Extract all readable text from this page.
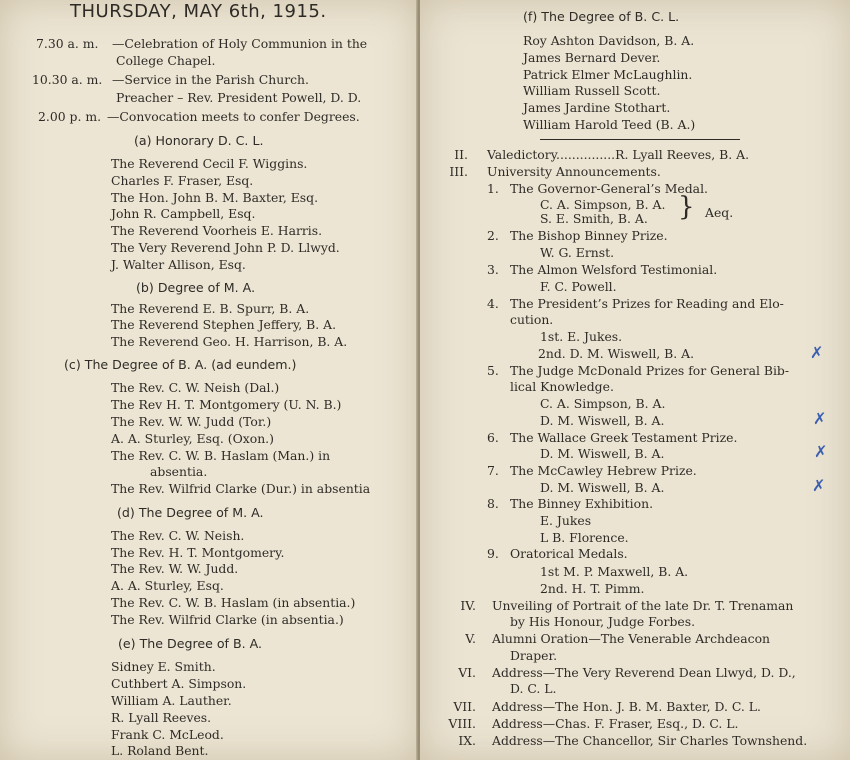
THURSDAY, MAY 6th, 1915.
7.30 a. m. —Celebration of Holy Communion in the
College Chapel.
10.30 a. m. —Service in the Parish Church.
Preacher – Rev. President Powell, D. D.
2.00 p. m. —Convocation meets to confer Degrees.
(a) Honorary D. C. L.
The Reverend Cecil F. Wiggins.
Charles F. Fraser, Esq.
The Hon. John B. M. Baxter, Esq.
John R. Campbell, Esq.
The Reverend Voorheis E. Harris.
The Very Reverend John P. D. Llwyd.
J. Walter Allison, Esq.
(b) Degree of M. A.
The Reverend E. B. Spurr, B. A.
The Reverend Stephen Jeffery, B. A.
The Reverend Geo. H. Harrison, B. A.
(c) The Degree of B. A. (ad eundem.)
The Rev. C. W. Neish (Dal.)
The Rev H. T. Montgomery (U. N. B.)
The Rev. W. W. Judd (Tor.)
A. A. Sturley, Esq. (Oxon.)
The Rev. C. W. B. Haslam (Man.) in
absentia.
The Rev. Wilfrid Clarke (Dur.) in absentia
(d) The Degree of M. A.
The Rev. C. W. Neish.
The Rev. H. T. Montgomery.
The Rev. W. W. Judd.
A. A. Sturley, Esq.
The Rev. C. W. B. Haslam (in absentia.)
The Rev. Wilfrid Clarke (in absentia.)
(e) The Degree of B. A.
Sidney E. Smith.
Cuthbert A. Simpson.
William A. Lauther.
R. Lyall Reeves.
Frank C. McLeod.
L. Roland Bent.
(f) The Degree of B. C. L.
Roy Ashton Davidson, B. A.
James Bernard Dever.
Patrick Elmer McLaughlin.
William Russell Scott.
James Jardine Stothart.
William Harold Teed (B. A.)
II. Valedictory...............R. Lyall Reeves, B. A.
III. University Announcements.
1. The Governor-General’s Medal.
C. A. Simpson, B. A.
S. E. Smith, B. A. } Aeq.
2. The Bishop Binney Prize.
W. G. Ernst.
3. The Almon Welsford Testimonial.
F. C. Powell.
4. The President’s Prizes for Reading and Elo-
cution.
1st. E. Jukes.
2nd. D. M. Wiswell, B. A.
5. The Judge McDonald Prizes for General Bib-
lical Knowledge.
C. A. Simpson, B. A.
D. M. Wiswell, B. A.
6. The Wallace Greek Testament Prize.
D. M. Wiswell, B. A.
7. The McCawley Hebrew Prize.
D. M. Wiswell, B. A.
8. The Binney Exhibition.
E. Jukes
L B. Florence.
9. Oratorical Medals.
1st M. P. Maxwell, B. A.
2nd. H. T. Pimm.
IV. Unveiling of Portrait of the late Dr. T. Trenaman
by His Honour, Judge Forbes.
V. Alumni Oration—The Venerable Archdeacon
Draper.
VI. Address—The Very Reverend Dean Llwyd, D. D.,
D. C. L.
VII. Address—The Hon. J. B. M. Baxter, D. C. L.
VIII. Address—Chas. F. Fraser, Esq., D. C. L.
IX. Address—The Chancellor, Sir Charles Townshend.
✗
✗
✗
✗
